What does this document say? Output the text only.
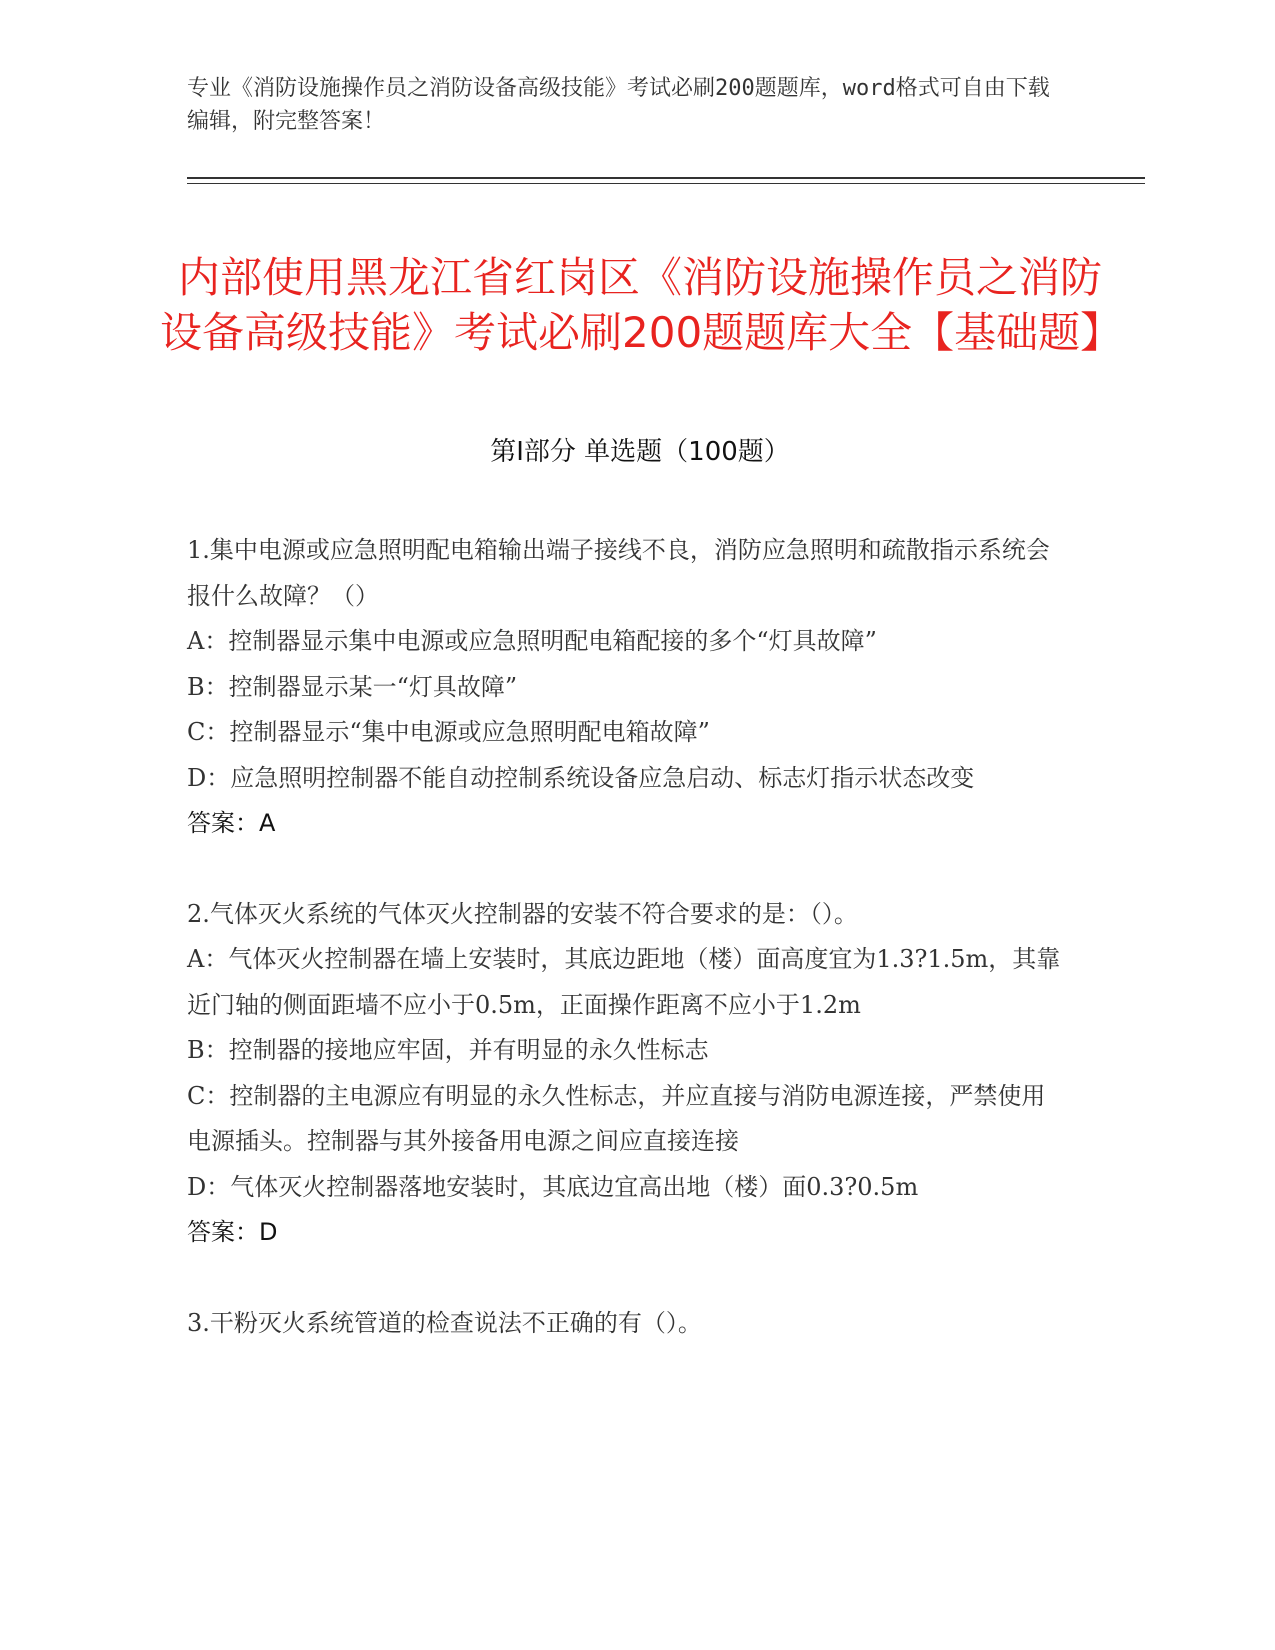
专业《消防设施操作员之消防设备高级技能》考试必刷200题题库，word格式可自由下载编辑，附完整答案！
内部使用黑龙江省红岗区《消防设施操作员之消防设备高级技能》考试必刷200题题库大全【基础题】
第Ⅰ部分 单选题（100题）
1.集中电源或应急照明配电箱输出端子接线不良，消防应急照明和疏散指示系统会报什么故障？（）
A：控制器显示集中电源或应急照明配电箱配接的多个“灯具故障”
B：控制器显示某一“灯具故障”
C：控制器显示“集中电源或应急照明配电箱故障”
D：应急照明控制器不能自动控制系统设备应急启动、标志灯指示状态改变
答案：A
2.气体灭火系统的气体灭火控制器的安装不符合要求的是：（）。
A：气体灭火控制器在墙上安装时，其底边距地（楼）面高度宜为1.3?1.5m，其靠近门轴的侧面距墙不应小于0.5m，正面操作距离不应小于1.2m
B：控制器的接地应牢固，并有明显的永久性标志
C：控制器的主电源应有明显的永久性标志，并应直接与消防电源连接，严禁使用电源插头。控制器与其外接备用电源之间应直接连接
D：气体灭火控制器落地安装时，其底边宜高出地（楼）面0.3?0.5m
答案：D
3.干粉灭火系统管道的检查说法不正确的有（）。
